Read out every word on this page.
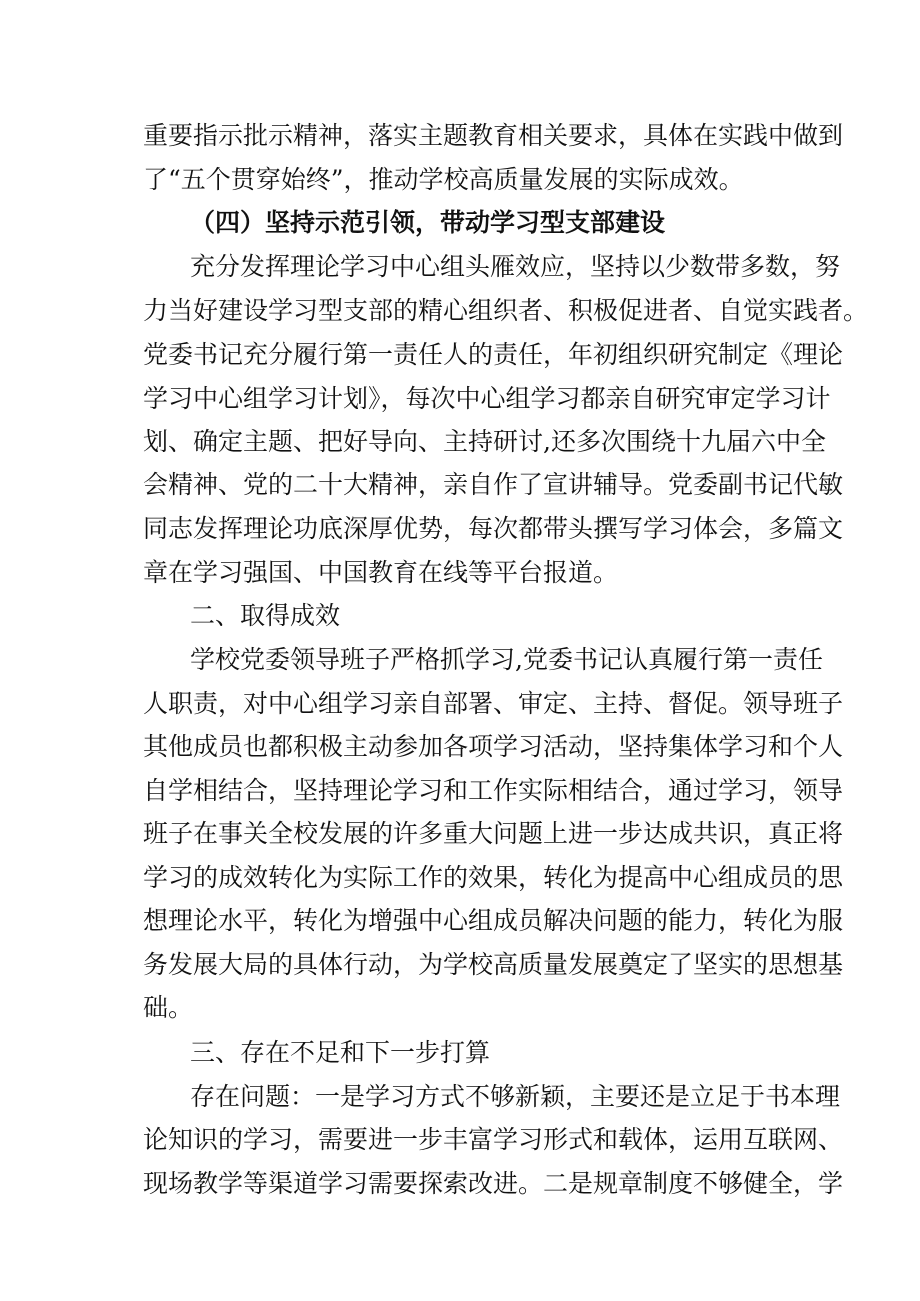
重要指示批示精神，落实主题教育相关要求，具体在实践中做到
了“五个贯穿始终”，推动学校高质量发展的实际成效。
（四）坚持示范引领，带动学习型支部建设
充分发挥理论学习中心组头雁效应，坚持以少数带多数，努
力当好建设学习型支部的精心组织者、积极促进者、自觉实践者。
党委书记充分履行第一责任人的责任，年初组织研究制定《理论
学习中心组学习计划》，每次中心组学习都亲自研究审定学习计
划、确定主题、把好导向、主持研讨,还多次围绕十九届六中全
会精神、党的二十大精神，亲自作了宣讲辅导。党委副书记代敏
同志发挥理论功底深厚优势，每次都带头撰写学习体会，多篇文
章在学习强国、中国教育在线等平台报道。
二、取得成效
学校党委领导班子严格抓学习,党委书记认真履行第一责任
人职责，对中心组学习亲自部署、审定、主持、督促。领导班子
其他成员也都积极主动参加各项学习活动，坚持集体学习和个人
自学相结合，坚持理论学习和工作实际相结合，通过学习，领导
班子在事关全校发展的许多重大问题上进一步达成共识，真正将
学习的成效转化为实际工作的效果，转化为提高中心组成员的思
想理论水平，转化为增强中心组成员解决问题的能力，转化为服
务发展大局的具体行动，为学校高质量发展奠定了坚实的思想基
础。
三、存在不足和下一步打算
存在问题：一是学习方式不够新颖，主要还是立足于书本理
论知识的学习，需要进一步丰富学习形式和载体，运用互联网、
现场教学等渠道学习需要探索改进。二是规章制度不够健全，学
